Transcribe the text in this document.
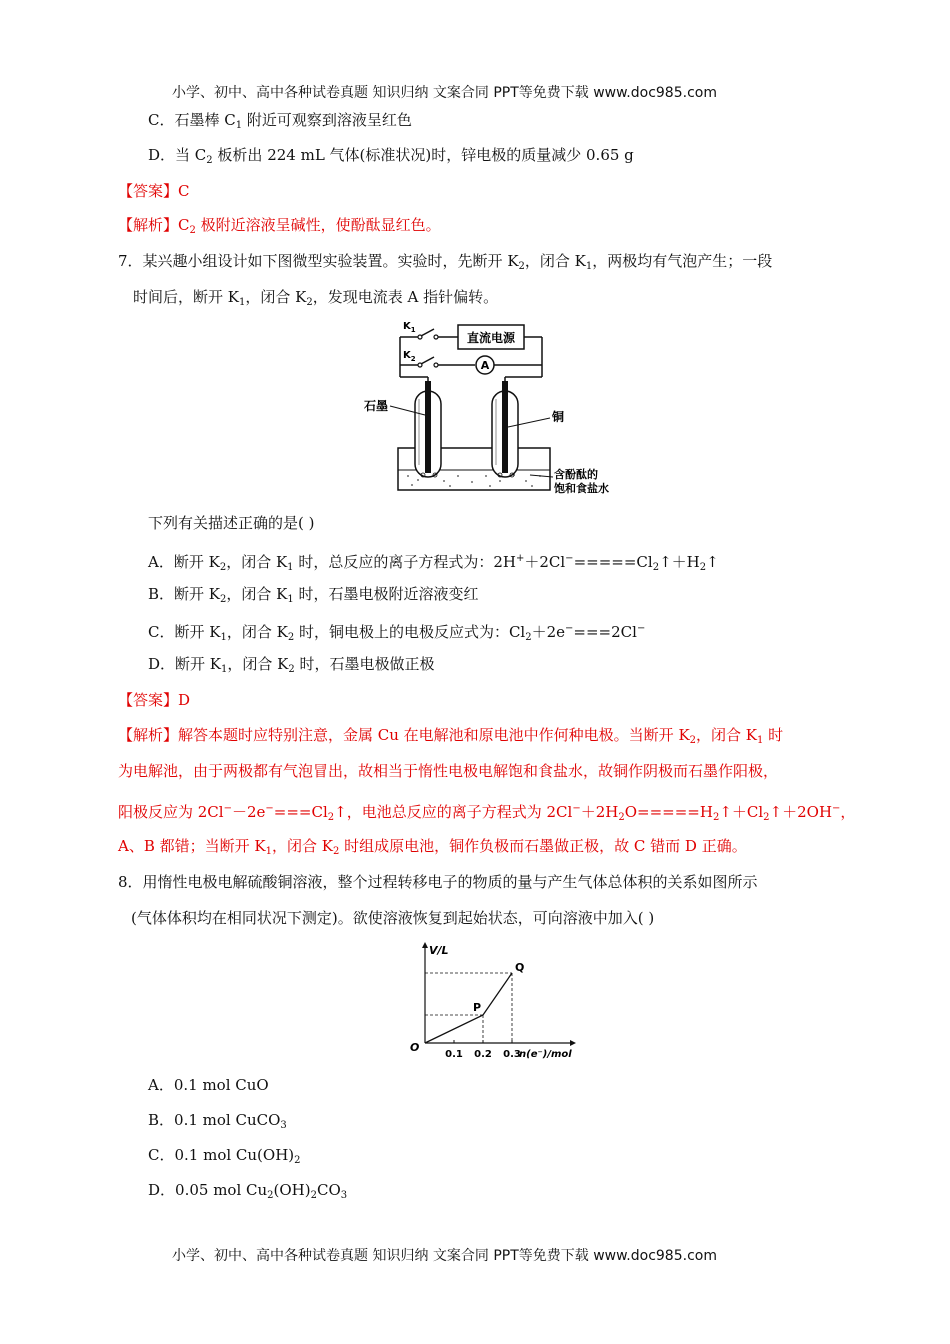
小学、初中、高中各种试卷真题 知识归纳 文案合同 PPT等免费下载 www.doc985.com
C．石墨棒 $C_1$ 附近可观察到溶液呈红色
D．当 $C_2$ 板析出 224 mL 气体(标准状况)时，锌电极的质量减少 0.65 g
【答案】C
【解析】$C_2$ 极附近溶液呈碱性，使酚酞显红色。
7．某兴趣小组设计如下图微型实验装置。实验时，先断开 $K_2$，闭合 $K_1$，两极均有气泡产生；一段
时间后，断开 $K_1$，闭合 $K_2$，发现电流表 A 指针偏转。
直流电源
A
$K_1$
$K_2$
石墨
铜
含酚酞的
饱和食盐水
下列有关描述正确的是( )
A．断开 $K_2$，闭合 $K_1$ 时，总反应的离子方程式为：$2H^++2Cl^-=====Cl_2↑+H_2↑$
B．断开 $K_2$，闭合 $K_1$ 时，石墨电极附近溶液变红
C．断开 $K_1$，闭合 $K_2$ 时，铜电极上的电极反应式为：$Cl_2+2e^-===2Cl^-$
D．断开 $K_1$，闭合 $K_2$ 时，石墨电极做正极
【答案】D
【解析】解答本题时应特别注意，金属 Cu 在电解池和原电池中作何种电极。当断开 $K_2$，闭合 $K_1$ 时
为电解池，由于两极都有气泡冒出，故相当于惰性电极电解饱和食盐水，故铜作阴极而石墨作阳极，
阳极反应为 $2Cl^--2e^-===Cl_2↑$，电池总反应的离子方程式为 $2Cl^-+2H_2O=====H_2↑+Cl_2↑+2OH^-$，
A、B 都错；当断开 $K_1$，闭合 $K_2$ 时组成原电池，铜作负极而石墨做正极，故 C 错而 D 正确。
8．用惰性电极电解硫酸铜溶液，整个过程转移电子的物质的量与产生气体总体积的关系如图所示
(气体体积均在相同状况下测定)。欲使溶液恢复到起始状态，可向溶液中加入( )
V/L
O
0.1 0.2 0.3
P
Q
n(e⁻)/mol
A．0.1 mol CuO
B．0.1 mol CuCO$_3$
C．0.1 mol $Cu(OH)_2$
D．0.05 mol $Cu_2(OH)_2CO_3$
小学、初中、高中各种试卷真题 知识归纳 文案合同 PPT等免费下载 www.doc985.com
